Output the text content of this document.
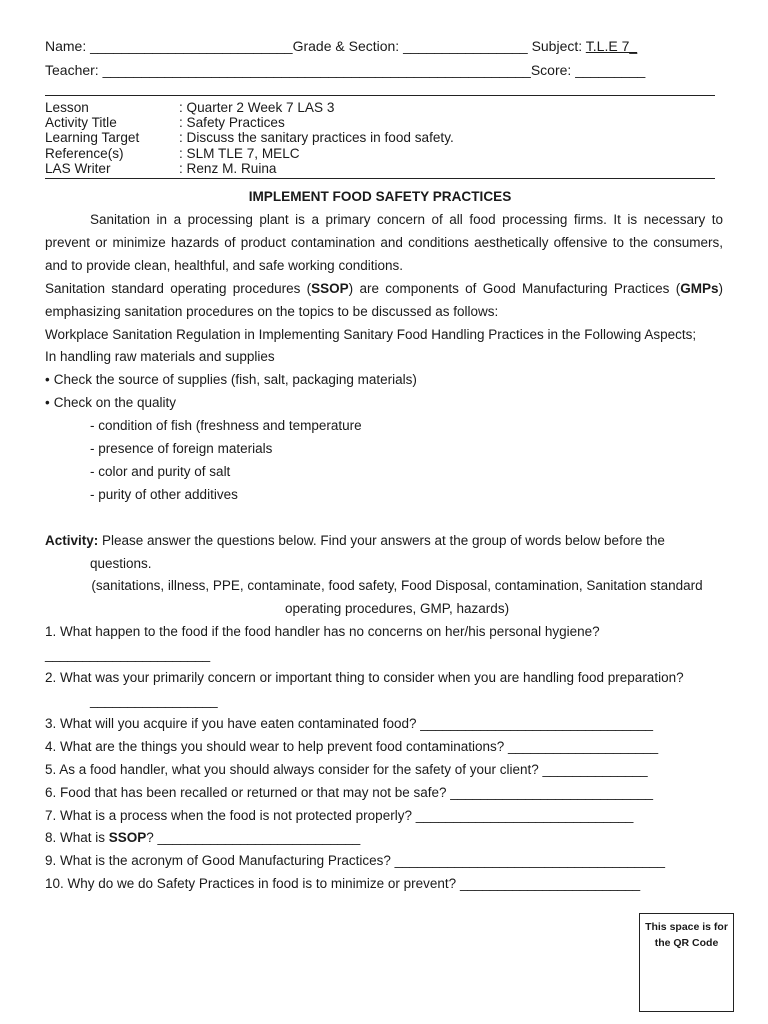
Name: __________________________Grade & Section: ________________ Subject: T.L.E 7_
Teacher: _______________________________________________________Score: _________
Lesson	: Quarter 2 Week 7 LAS 3
Activity Title	: Safety Practices
Learning Target	: Discuss the sanitary practices in food safety.
Reference(s)	: SLM TLE 7, MELC
LAS Writer	: Renz M. Ruina
IMPLEMENT FOOD SAFETY PRACTICES

Sanitation in a processing plant is a primary concern of all food processing firms. It is necessary to prevent or minimize hazards of product contamination and conditions aesthetically offensive to the consumers, and to provide clean, healthful, and safe working conditions.

Sanitation standard operating procedures (SSOP) are components of Good Manufacturing Practices (GMPs) emphasizing sanitation procedures on the topics to be discussed as follows:

Workplace Sanitation Regulation in Implementing Sanitary Food Handling Practices in the Following Aspects;

In handling raw materials and supplies

• Check the source of supplies (fish, salt, packaging materials)

• Check on the quality

- condition of fish (freshness and temperature

- presence of foreign materials

- color and purity of salt

- purity of other additives

Activity: Please answer the questions below. Find your answers at the group of words below before the questions.

(sanitations, illness, PPE, contaminate, food safety, Food Disposal, contamination, Sanitation standard operating procedures, GMP, hazards)

1. What happen to the food if the food handler has no concerns on her/his personal hygiene?

______________________

2. What was your primarily concern or important thing to consider when you are handling food preparation? _________________

3. What will you acquire if you have eaten contaminated food? _______________________________

4. What are the things you should wear to help prevent food contaminations? ____________________

5. As a food handler, what you should always consider for the safety of your client? ______________

6. Food that has been recalled or returned or that may not be safe? ___________________________

7. What is a process when the food is not protected properly? _____________________________

8. What is SSOP? ___________________________

9. What is the acronym of Good Manufacturing Practices? ____________________________________

10. Why do we do Safety Practices in food is to minimize or prevent? ________________________

This space is for the QR Code
